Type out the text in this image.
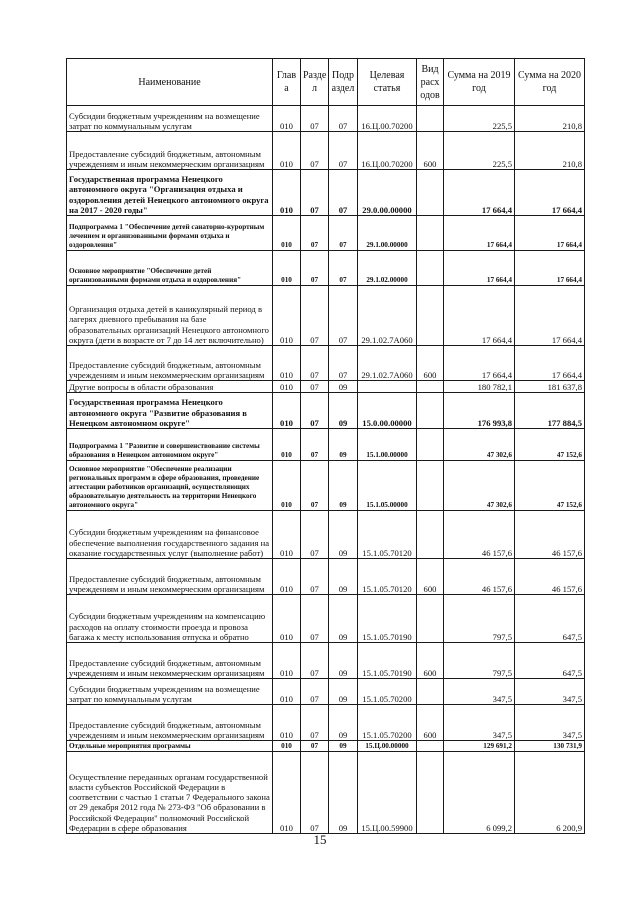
Наименование	Глав а	Разде л	Подр аздел	Целевая статья	Вид расх одов	Сумма на 2019 год	Сумма на 2020 год
Субсидии бюджетным учреждениям на возмещение затрат по коммунальным услугам	010	07	07	16.Ц.00.70200		225,5	210,8
Предоставление субсидий бюджетным, автономным учреждениям и иным некоммерческим организациям	010	07	07	16.Ц.00.70200	600	225,5	210,8
Государственная программа Ненецкого автономного округа "Организация отдыха и оздоровления детей Ненецкого автономного округа на 2017 - 2020 годы"	010	07	07	29.0.00.00000		17 664,4	17 664,4
Подпрограмма 1 "Обеспечение детей санаторно-курортным лечением и организованными формами отдыха и оздоровления"	010	07	07	29.1.00.00000		17 664,4	17 664,4
Основное мероприятие "Обеспечение детей организованными формами отдыха и оздоровления"	010	07	07	29.1.02.00000		17 664,4	17 664,4
Организация отдыха детей в каникулярный период в лагерях дневного пребывания на базе образовательных организаций Ненецкого автономного округа (дети в возрасте от 7 до 14 лет включительно)	010	07	07	29.1.02.7А060		17 664,4	17 664,4
Предоставление субсидий бюджетным, автономным учреждениям и иным некоммерческим организациям	010	07	07	29.1.02.7А060	600	17 664,4	17 664,4
Другие вопросы в области образования	010	07	09			180 782,1	181 637,8
Государственная программа Ненецкого автономного округа "Развитие образования в Ненецком автономном округе"	010	07	09	15.0.00.00000		176 993,8	177 884,5
Подпрограмма 1 "Развитие и совершенствование системы образования в Ненецком автономном округе"	010	07	09	15.1.00.00000		47 302,6	47 152,6
Основное мероприятие "Обеспечение реализации региональных программ в сфере образования, проведение аттестации работников организаций, осуществляющих образовательную деятельность на территории Ненецкого автономного округа"	010	07	09	15.1.05.00000		47 302,6	47 152,6
Субсидии бюджетным учреждениям на финансовое обеспечение выполнения государственного задания на оказание государственных услуг (выполнение работ)	010	07	09	15.1.05.70120		46 157,6	46 157,6
Предоставление субсидий бюджетным, автономным учреждениям и иным некоммерческим организациям	010	07	09	15.1.05.70120	600	46 157,6	46 157,6
Субсидии бюджетным учреждениям на компенсацию расходов на оплату стоимости проезда и провоза багажа к месту использования отпуска и обратно	010	07	09	15.1.05.70190		797,5	647,5
Предоставление субсидий бюджетным, автономным учреждениям и иным некоммерческим организациям	010	07	09	15.1.05.70190	600	797,5	647,5
Субсидии бюджетным учреждениям на возмещение затрат по коммунальным услугам	010	07	09	15.1.05.70200		347,5	347,5
Предоставление субсидий бюджетным, автономным учреждениям и иным некоммерческим организациям	010	07	09	15.1.05.70200	600	347,5	347,5
Отдельные мероприятия программы	010	07	09	15.Ц.00.00000		129 691,2	130 731,9
Осуществление переданных органам государственной власти субъектов Российской Федерации в соответствии с частью 1 статьи 7 Федерального закона от 29 декабря 2012 года № 273-ФЗ "Об образовании в Российской Федерации" полномочий Российской Федерации в сфере образования	010	07	09	15.Ц.00.59900		6 099,2	6 200,9
15
